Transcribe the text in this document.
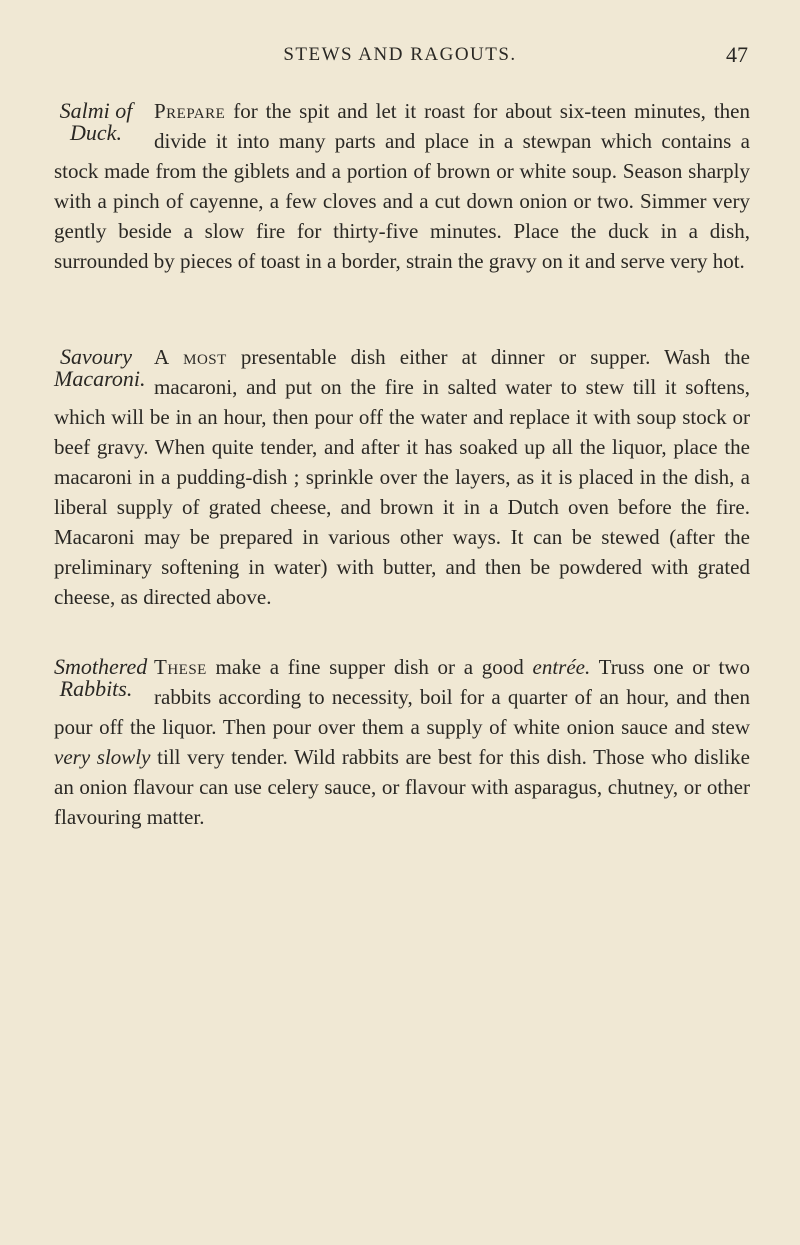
STEWS AND RAGOUTS.	47
Salmi of
Duck.

Prepare for the spit and let it roast for about six-teen minutes, then divide it into many parts and place in a stewpan which contains a stock made from the giblets and a portion of brown or white soup. Season sharply with a pinch of cayenne, a few cloves and a cut down onion or two. Simmer very gently beside a slow fire for thirty-five minutes. Place the duck in a dish, surrounded by pieces of toast in a border, strain the gravy on it and serve very hot.

Savoury
Macaroni.

A most presentable dish either at dinner or supper. Wash the macaroni, and put on the fire in salted water to stew till it softens, which will be in an hour, then pour off the water and replace it with soup stock or beef gravy. When quite tender, and after it has soaked up all the liquor, place the macaroni in a pudding-dish ; sprinkle over the layers, as it is placed in the dish, a liberal supply of grated cheese, and brown it in a Dutch oven before the fire. Macaroni may be prepared in various other ways. It can be stewed (after the preliminary softening in water) with butter, and then be powdered with grated cheese, as directed above.

Smothered
Rabbits.

These make a fine supper dish or a good entrée. Truss one or two rabbits according to necessity, boil for a quarter of an hour, and then pour off the liquor. Then pour over them a supply of white onion sauce and stew very slowly till very tender. Wild rabbits are best for this dish. Those who dislike an onion flavour can use celery sauce, or flavour with asparagus, chutney, or other flavouring matter.
